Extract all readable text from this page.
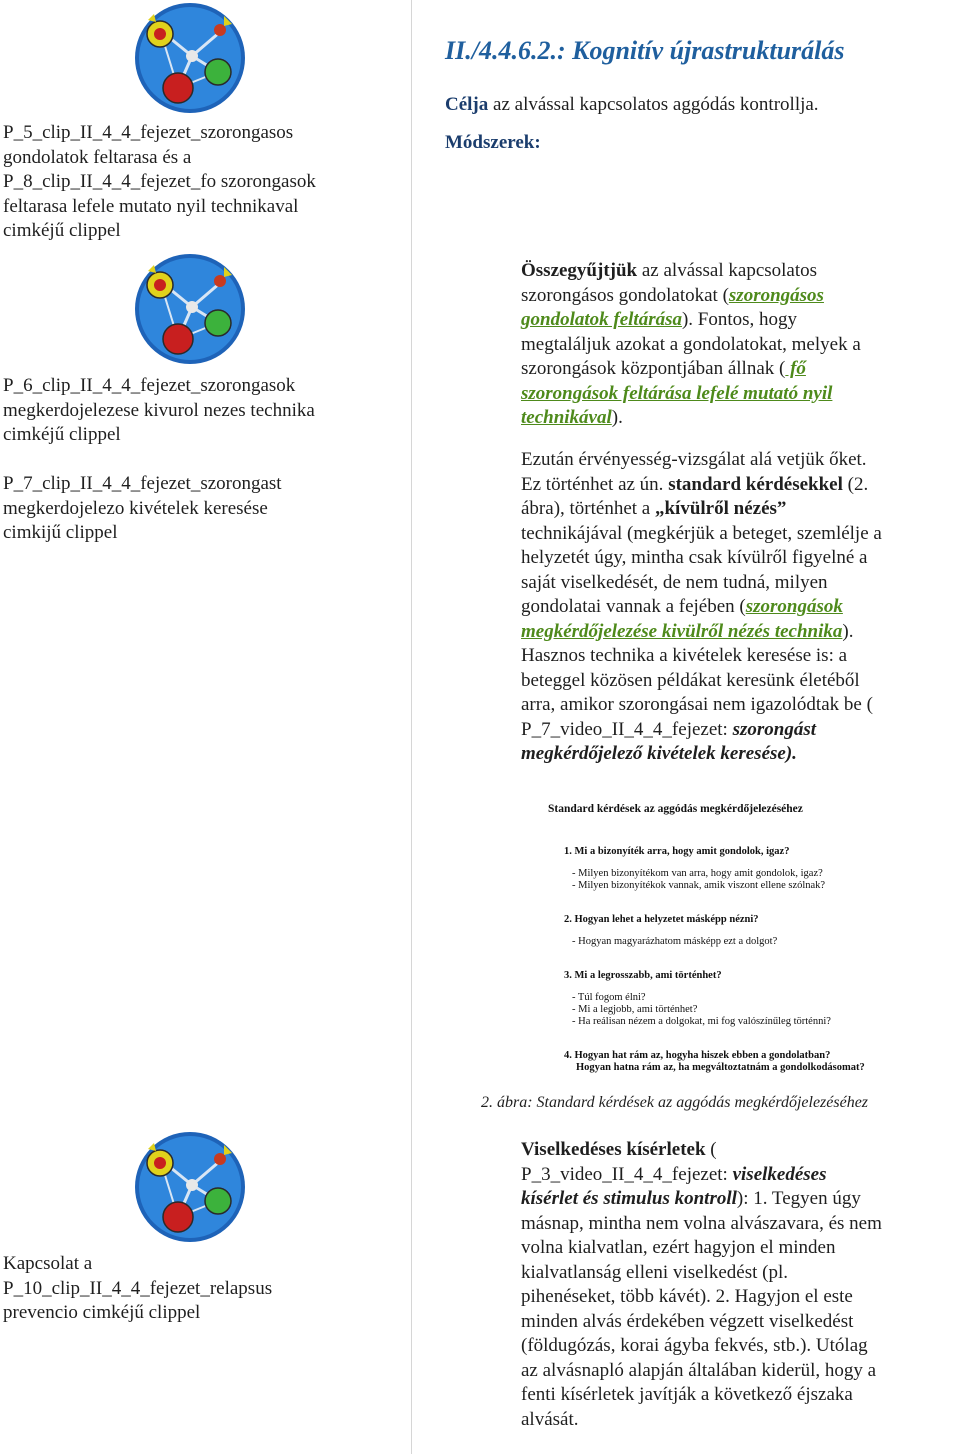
P_5_clip_II_4_4_fejezet_szorongasos
gondolatok feltarasa és a
P_8_clip_II_4_4_fejezet_fo szorongasok
feltarasa lefele mutato nyil technikaval
cimkéjű clippel
P_6_clip_II_4_4_fejezet_szorongasok
megkerdojelezese kivurol nezes technika
cimkéjű clippel
P_7_clip_II_4_4_fejezet_szorongast
megkerdojelezo kivételek keresése
cimkijű clippel
Kapcsolat a
P_10_clip_II_4_4_fejezet_relapsus
prevencio cimkéjű clippel
II./4.4.6.2.: Kognitív újrastrukturálás
Célja az alvással kapcsolatos aggódás kontrollja.
Módszerek:
Összegyűjtjük az alvással kapcsolatos
szorongásos gondolatokat (szorongásos
gondolatok feltárása). Fontos, hogy
megtaláljuk azokat a gondolatokat, melyek a
szorongások központjában állnak ( fő
szorongások feltárása lefelé mutató nyil
technikával).
Ezután érvényesség-vizsgálat alá vetjük őket.
Ez történhet az ún. standard kérdésekkel (2.
ábra), történhet a „kívülről nézés”
technikájával (megkérjük a beteget, szemlélje a
helyzetét úgy, mintha csak kívülről figyelné a
saját viselkedését, de nem tudná, milyen
gondolatai vannak a fejében (szorongások
megkérdőjelezése kivülről nézés technika).
Hasznos technika a kivételek keresése is: a
beteggel közösen példákat keresünk életéből
arra, amikor szorongásai nem igazolódtak be (
P_7_video_II_4_4_fejezet: szorongást
megkérdőjelező kivételek keresése).
Standard kérdések az aggódás megkérdőjelezéséhez
1. Mi a bizonyíték arra, hogy amit gondolok, igaz?
- Milyen bizonyítékom van arra, hogy amit gondolok, igaz?
- Milyen bizonyítékok vannak, amik viszont ellene szólnak?
2. Hogyan lehet a helyzetet másképp nézni?
- Hogyan magyarázhatom másképp ezt a dolgot?
3. Mi a legrosszabb, ami történhet?
- Túl fogom élni?
- Mi a legjobb, ami történhet?
- Ha reálisan nézem a dolgokat, mi fog valószínűleg történni?
4. Hogyan hat rám az, hogyha hiszek ebben a gondolatban?
Hogyan hatna rám az, ha megváltoztatnám a gondolkodásomat?
2. ábra: Standard kérdések az aggódás megkérdőjelezéséhez
Viselkedéses kísérletek (
P_3_video_II_4_4_fejezet: viselkedéses
kísérlet és stimulus kontroll): 1. Tegyen úgy
másnap, mintha nem volna alvászavara, és nem
volna kialvatlan, ezért hagyjon el minden
kialvatlanság elleni viselkedést (pl.
pihenéseket, több kávét). 2. Hagyjon el este
minden alvás érdekében végzett viselkedést
(földugózás, korai ágyba fekvés, stb.). Utólag
az alvásnapló alapján általában kiderül, hogy a
fenti kísérletek javítják a következő éjszaka
alvását.
